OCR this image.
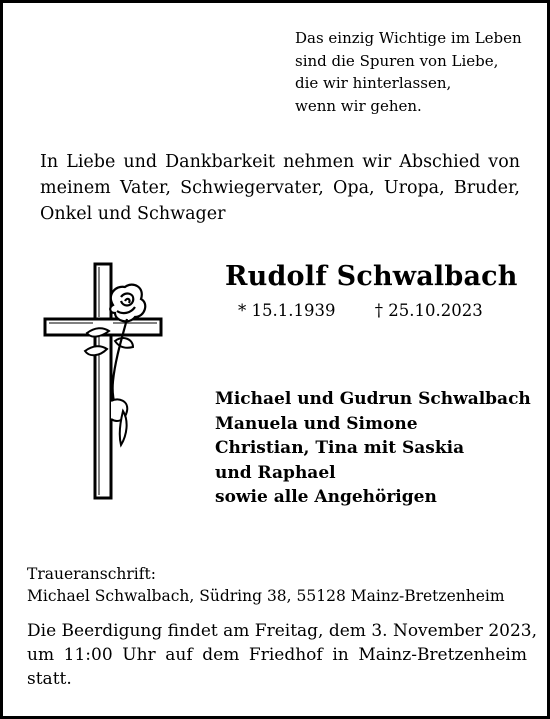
Das einzig Wichtige im Leben
sind die Spuren von Liebe,
die wir hinterlassen,
wenn wir gehen.
In Liebe und Dankbarkeit nehmen wir Abschied von
meinem Vater, Schwiegervater, Opa, Uropa, Bruder,
Onkel und Schwager
Rudolf Schwalbach
* 15.1.1939 † 25.10.2023
Michael und Gudrun Schwalbach
Manuela und Simone
Christian, Tina mit Saskia
und Raphael
sowie alle Angehörigen
Traueranschrift:
Michael Schwalbach, Südring 38, 55128 Mainz-Bretzenheim
Die Beerdigung findet am Freitag, dem 3. November 2023,
um 11:00 Uhr auf dem Friedhof in Mainz-Bretzenheim
statt.
